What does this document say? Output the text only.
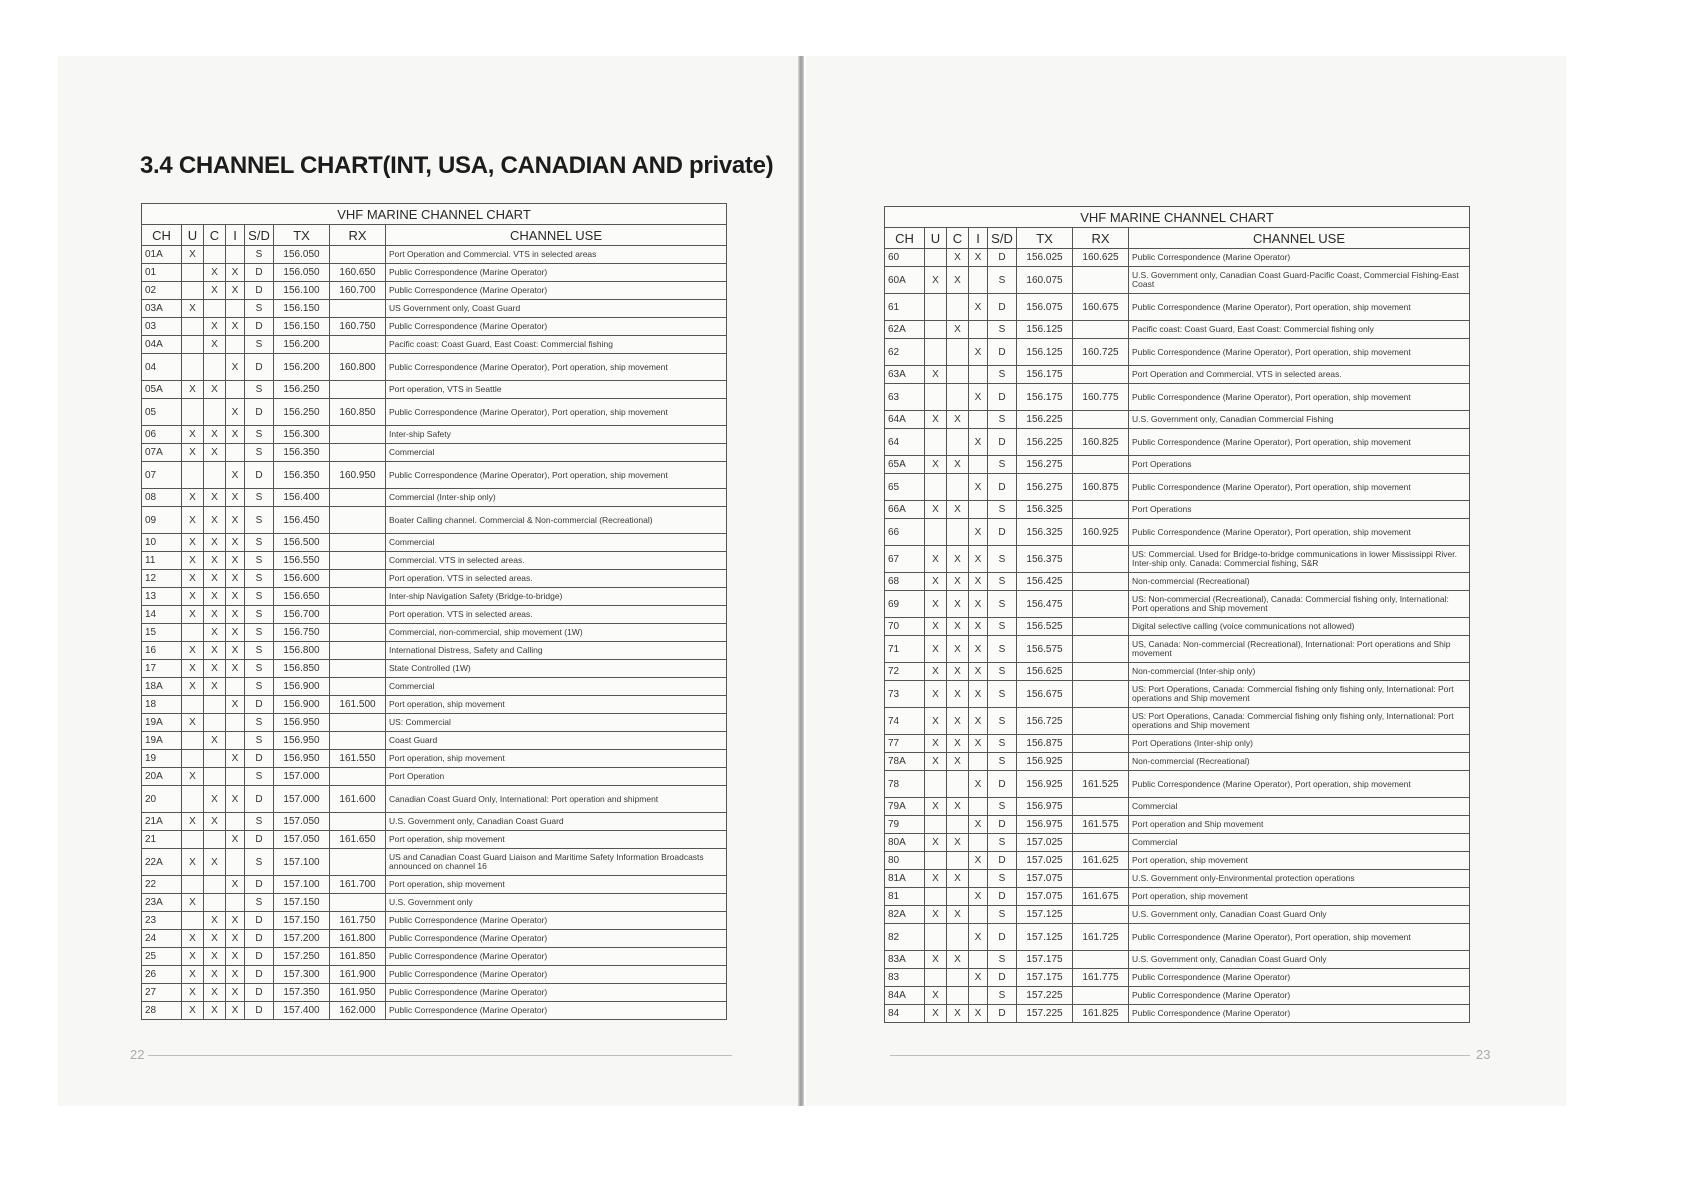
3.4 CHANNEL CHART(INT, USA, CANADIAN AND private)
VHF MARINE CHANNEL CHART							
CH	U	C	I	S/D	TX	RX	CHANNEL USE
01A	X			S	156.050		Port Operation and Commercial. VTS in selected areas
01		X	X	D	156.050	160.650	Public Correspondence (Marine Operator)
02		X	X	D	156.100	160.700	Public Correspondence (Marine Operator)
03A	X			S	156.150		US Government only, Coast Guard
03		X	X	D	156.150	160.750	Public Correspondence (Marine Operator)
04A		X		S	156.200		Pacific coast: Coast Guard, East Coast: Commercial fishing
04			X	D	156.200	160.800	Public Correspondence (Marine Operator), Port operation, ship movement
05A	X	X		S	156.250		Port operation, VTS in Seattle
05			X	D	156.250	160.850	Public Correspondence (Marine Operator), Port operation, ship movement
06	X	X	X	S	156.300		Inter-ship Safety
07A	X	X		S	156.350		Commercial
07			X	D	156.350	160.950	Public Correspondence (Marine Operator), Port operation, ship movement
08	X	X	X	S	156.400		Commercial (Inter-ship only)
09	X	X	X	S	156.450		Boater Calling channel. Commercial & Non-commercial (Recreational)
10	X	X	X	S	156.500		Commercial
11	X	X	X	S	156.550		Commercial. VTS in selected areas.
12	X	X	X	S	156.600		Port operation. VTS in selected areas.
13	X	X	X	S	156.650		Inter-ship Navigation Safety (Bridge-to-bridge)
14	X	X	X	S	156.700		Port operation. VTS in selected areas.
15		X	X	S	156.750		Commercial, non-commercial, ship movement (1W)
16	X	X	X	S	156.800		International Distress, Safety and Calling
17	X	X	X	S	156.850		State Controlled (1W)
18A	X	X		S	156.900		Commercial
18			X	D	156.900	161.500	Port operation, ship movement
19A	X			S	156.950		US: Commercial
19A		X		S	156.950		Coast Guard
19			X	D	156.950	161.550	Port operation, ship movement
20A	X			S	157.000		Port Operation
20		X	X	D	157.000	161.600	Canadian Coast Guard Only, International: Port operation and shipment
21A	X	X		S	157.050		U.S. Government only, Canadian Coast Guard
21			X	D	157.050	161.650	Port operation, ship movement
22A	X	X		S	157.100		US and Canadian Coast Guard Liaison and Maritime Safety Information Broadcasts announced on channel 16
22			X	D	157.100	161.700	Port operation, ship movement
23A	X			S	157.150		U.S. Government only
23		X	X	D	157.150	161.750	Public Correspondence (Marine Operator)
24	X	X	X	D	157.200	161.800	Public Correspondence (Marine Operator)
25	X	X	X	D	157.250	161.850	Public Correspondence (Marine Operator)
26	X	X	X	D	157.300	161.900	Public Correspondence (Marine Operator)
27	X	X	X	D	157.350	161.950	Public Correspondence (Marine Operator)
28	X	X	X	D	157.400	162.000	Public Correspondence (Marine Operator)
VHF MARINE CHANNEL CHART							
CH	U	C	I	S/D	TX	RX	CHANNEL USE
60		X	X	D	156.025	160.625	Public Correspondence (Marine Operator)
60A	X	X		S	160.075		U.S. Government only, Canadian Coast Guard-Pacific Coast, Commercial Fishing-East Coast
61			X	D	156.075	160.675	Public Correspondence (Marine Operator), Port operation, ship movement
62A		X		S	156.125		Pacific coast: Coast Guard, East Coast: Commercial fishing only
62			X	D	156.125	160.725	Public Correspondence (Marine Operator), Port operation, ship movement
63A	X			S	156.175		Port Operation and Commercial. VTS in selected areas.
63			X	D	156.175	160.775	Public Correspondence (Marine Operator), Port operation, ship movement
64A	X	X		S	156.225		U.S. Government only, Canadian Commercial Fishing
64			X	D	156.225	160.825	Public Correspondence (Marine Operator), Port operation, ship movement
65A	X	X		S	156.275		Port Operations
65			X	D	156.275	160.875	Public Correspondence (Marine Operator), Port operation, ship movement
66A	X	X		S	156.325		Port Operations
66			X	D	156.325	160.925	Public Correspondence (Marine Operator), Port operation, ship movement
67	X	X	X	S	156.375		US: Commercial. Used for Bridge-to-bridge communications in lower Mississippi River. Inter-ship only. Canada: Commercial fishing, S&R
68	X	X	X	S	156.425		Non-commercial (Recreational)
69	X	X	X	S	156.475		US: Non-commercial (Recreational), Canada: Commercial fishing only, International: Port operations and Ship movement
70	X	X	X	S	156.525		Digital selective calling (voice communications not allowed)
71	X	X	X	S	156.575		US, Canada: Non-commercial (Recreational), International: Port operations and Ship movement
72	X	X	X	S	156.625		Non-commercial (Inter-ship only)
73	X	X	X	S	156.675		US: Port Operations, Canada: Commercial fishing only fishing only, International: Port operations and Ship movement
74	X	X	X	S	156.725		US: Port Operations, Canada: Commercial fishing only fishing only, International: Port operations and Ship movement
77	X	X	X	S	156.875		Port Operations (Inter-ship only)
78A	X	X		S	156.925		Non-commercial (Recreational)
78			X	D	156.925	161.525	Public Correspondence (Marine Operator), Port operation, ship movement
79A	X	X		S	156.975		Commercial
79			X	D	156.975	161.575	Port operation and Ship movement
80A	X	X		S	157.025		Commercial
80			X	D	157.025	161.625	Port operation, ship movement
81A	X	X		S	157.075		U.S. Government only-Environmental protection operations
81			X	D	157.075	161.675	Port operation, ship movement
82A	X	X		S	157.125		U.S. Government only, Canadian Coast Guard Only
82			X	D	157.125	161.725	Public Correspondence (Marine Operator), Port operation, ship movement
83A	X	X		S	157.175		U.S. Government only, Canadian Coast Guard Only
83			X	D	157.175	161.775	Public Correspondence (Marine Operator)
84A	X			S	157.225		Public Correspondence (Marine Operator)
84	X	X	X	D	157.225	161.825	Public Correspondence (Marine Operator)
22	23
